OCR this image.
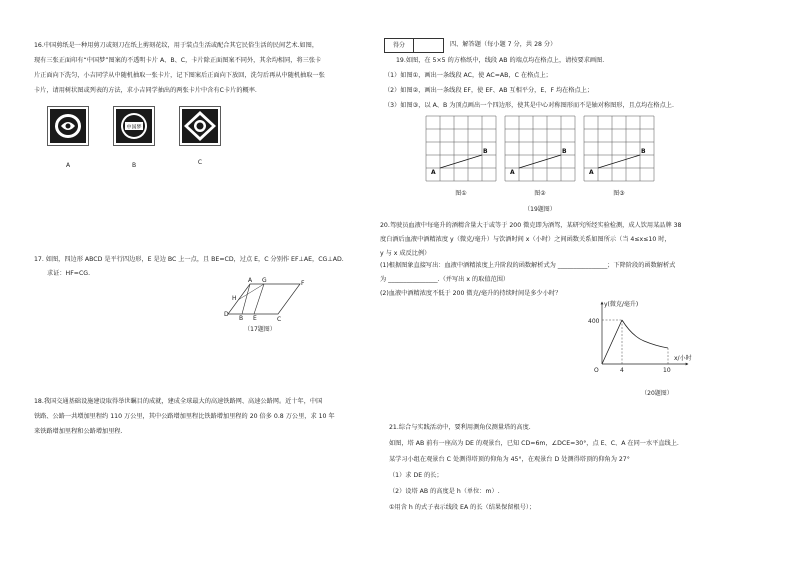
16.中国剪纸是一种用剪刀或刻刀在纸上剪刻花纹，用于装点生活或配合其它民俗生活的民间艺术.如图，
现有三张正面印有“中国梦”图案的不透明卡片 A、B、C，卡片除正面图案不同外，其余均相同，将三张卡
片正面向下洗匀，小吉同学从中随机抽取一张卡片，记下图案后正面向下放回，洗匀后再从中随机抽取一张
卡片，请用树状图或列表的方法，求小吉同学抽出的两张卡片中含有C卡片的概率.
A
中国梦
B	C
17. 如图，四边形 ABCD 是平行四边形，E 是边 BC 上一点，且 BE=CD，过点 E，C 分别作 EF⊥AE，CG⊥AD.
求证：HF=CG.
A G	F
H
D
B E	C
（17题图）
18.我国交通基础设施建设取得举世瞩目的成就，建成全球最大的高速铁路网、高速公路网。近十年，中国
铁路、公路一共增加里程约 110 万公里，其中公路增加里程比铁路增加里程的 20 倍多 0.8 万公里，求 10 年
来铁路增加里程和公路增加里程.
得分	四、解答题（每小题 7 分，共 28 分）
19.如图，在 5×5 的方格纸中，线段 AB 的端点均在格点上，请按要求画图.
（1）如图①，画出一条线段 AC，使 AC=AB，C 在格点上；
（2）如图②，画出一条线段 EF，使 EF、AB 互相平分，E、F 均在格点上；
（3）如图③，以 A、B 为顶点画出一个四边形，使其是中心对称图形而不是轴对称图形，且点均在格点上.
A
B
图①
A
B
图②
A
B
图③
（19题图）
20.驾驶员血液中每毫升的酒精含量大于或等于 200 微克即为酒驾，某研究所经实验检测，成人饮用某品牌 38
度白酒后血液中酒精浓度 y（微克/毫升）与饮酒时间 x（小时）之间函数关系如图所示（当 4≤x≤10 时，
y 与 x 成反比例）
(1)根据图象直接写出：血液中酒精浓度上升阶段的函数解析式为 ________________；下降阶段的函数解析式
为 ________________.（并写出 x 的取值范围）
(2)血液中酒精浓度不低于 200 微克/毫升的持续时间是多少小时？
y(微克/毫升)
400
O	4	10
x/小时
（20题图）
21.综合与实践活动中，要利用测角仪测量塔的高度.
如图，塔 AB 前有一座高为 DE 的观景台，已知 CD=6m，∠DCE=30°，点 E、C、A 在同一水平直线上.
某学习小组在观景台 C 处测得塔顶的仰角为 45°，在观景台 D 处测得塔顶的仰角为 27°
（1）求 DE 的长；
（2）设塔 AB 的高度是 h（单位：m）.
①用含 h 的式子表示线段 EA 的长（结果保留根号）；
